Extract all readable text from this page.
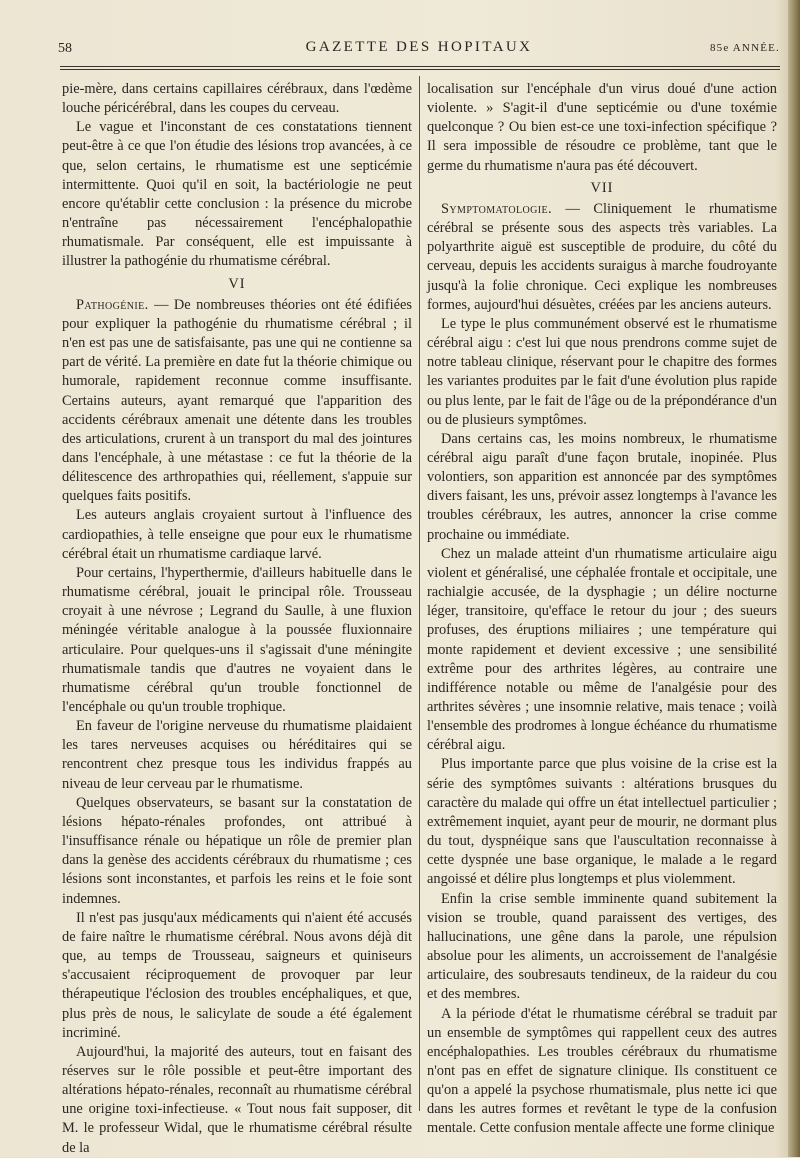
58	GAZETTE DES HOPITAUX	85e ANNÉE.

pie-mère, dans certains capillaires cérébraux, dans l'œdème louche péricérébral, dans les coupes du cerveau.

Le vague et l'inconstant de ces constatations tiennent peut-être à ce que l'on étudie des lésions trop avancées, à ce que, selon certains, le rhumatisme est une septicémie intermittente. Quoi qu'il en soit, la bactériologie ne peut encore qu'établir cette conclusion : la présence du microbe n'entraîne pas nécessairement l'encéphalopathie rhumatismale. Par conséquent, elle est impuissante à illustrer la pathogénie du rhumatisme cérébral.

VI

Pathogénie. — De nombreuses théories ont été édifiées pour expliquer la pathogénie du rhumatisme cérébral ; il n'en est pas une de satisfaisante, pas une qui ne contienne sa part de vérité. La première en date fut la théorie chimique ou humorale, rapidement reconnue comme insuffisante. Certains auteurs, ayant remarqué que l'apparition des accidents cérébraux amenait une détente dans les troubles des articulations, crurent à un transport du mal des jointures dans l'encéphale, à une métastase : ce fut la théorie de la délitescence des arthropathies qui, réellement, s'appuie sur quelques faits positifs.

Les auteurs anglais croyaient surtout à l'influence des cardiopathies, à telle enseigne que pour eux le rhumatisme cérébral était un rhumatisme cardiaque larvé.

Pour certains, l'hyperthermie, d'ailleurs habituelle dans le rhumatisme cérébral, jouait le principal rôle. Trousseau croyait à une névrose ; Legrand du Saulle, à une fluxion méningée véritable analogue à la poussée fluxionnaire articulaire. Pour quelques-uns il s'agissait d'une méningite rhumatismale tandis que d'autres ne voyaient dans le rhumatisme cérébral qu'un trouble fonctionnel de l'encéphale ou qu'un trouble trophique.

En faveur de l'origine nerveuse du rhumatisme plaidaient les tares nerveuses acquises ou héréditaires qui se rencontrent chez presque tous les individus frappés au niveau de leur cerveau par le rhumatisme.

Quelques observateurs, se basant sur la constatation de lésions hépato-rénales profondes, ont attribué à l'insuffisance rénale ou hépatique un rôle de premier plan dans la genèse des accidents cérébraux du rhumatisme ; ces lésions sont inconstantes, et parfois les reins et le foie sont indemnes.

Il n'est pas jusqu'aux médicaments qui n'aient été accusés de faire naître le rhumatisme cérébral. Nous avons déjà dit que, au temps de Trousseau, saigneurs et quiniseurs s'accusaient réciproquement de provoquer par leur thérapeutique l'éclosion des troubles encéphaliques, et que, plus près de nous, le salicylate de soude a été également incriminé.

Aujourd'hui, la majorité des auteurs, tout en faisant des réserves sur le rôle possible et peut-être important des altérations hépato-rénales, reconnaît au rhumatisme cérébral une origine toxi-infectieuse. « Tout nous fait supposer, dit M. le professeur Widal, que le rhumatisme cérébral résulte de la

localisation sur l'encéphale d'un virus doué d'une action violente. » S'agit-il d'une septicémie ou d'une toxémie quelconque ? Ou bien est-ce une toxi-infection spécifique ? Il sera impossible de résoudre ce problème, tant que le germe du rhumatisme n'aura pas été découvert.

VII

Symptomatologie. — Cliniquement le rhumatisme cérébral se présente sous des aspects très variables. La polyarthrite aiguë est susceptible de produire, du côté du cerveau, depuis les accidents suraigus à marche foudroyante jusqu'à la folie chronique. Ceci explique les nombreuses formes, aujourd'hui désuètes, créées par les anciens auteurs.

Le type le plus communément observé est le rhumatisme cérébral aigu : c'est lui que nous prendrons comme sujet de notre tableau clinique, réservant pour le chapitre des formes les variantes produites par le fait d'une évolution plus rapide ou plus lente, par le fait de l'âge ou de la prépondérance d'un ou de plusieurs symptômes.

Dans certains cas, les moins nombreux, le rhumatisme cérébral aigu paraît d'une façon brutale, inopinée. Plus volontiers, son apparition est annoncée par des symptômes divers faisant, les uns, prévoir assez longtemps à l'avance les troubles cérébraux, les autres, annoncer la crise comme prochaine ou immédiate.

Chez un malade atteint d'un rhumatisme articulaire aigu violent et généralisé, une céphalée frontale et occipitale, une rachialgie accusée, de la dysphagie ; un délire nocturne léger, transitoire, qu'efface le retour du jour ; des sueurs profuses, des éruptions miliaires ; une température qui monte rapidement et devient excessive ; une sensibilité extrême pour des arthrites légères, au contraire une indifférence notable ou même de l'analgésie pour des arthrites sévères ; une insomnie relative, mais tenace ; voilà l'ensemble des prodromes à longue échéance du rhumatisme cérébral aigu.

Plus importante parce que plus voisine de la crise est la série des symptômes suivants : altérations brusques du caractère du malade qui offre un état intellectuel particulier ; extrêmement inquiet, ayant peur de mourir, ne dormant plus du tout, dyspnéique sans que l'auscultation reconnaisse à cette dyspnée une base organique, le malade a le regard angoissé et délire plus longtemps et plus violemment.

Enfin la crise semble imminente quand subitement la vision se trouble, quand paraissent des vertiges, des hallucinations, une gêne dans la parole, une répulsion absolue pour les aliments, un accroissement de l'analgésie articulaire, des soubresauts tendineux, de la raideur du cou et des membres.

A la période d'état le rhumatisme cérébral se traduit par un ensemble de symptômes qui rappellent ceux des autres encéphalopathies. Les troubles cérébraux du rhumatisme n'ont pas en effet de signature clinique. Ils constituent ce qu'on a appelé la psychose rhumatismale, plus nette ici que dans les autres formes et revêtant le type de la confusion mentale. Cette confusion mentale affecte une forme clinique
